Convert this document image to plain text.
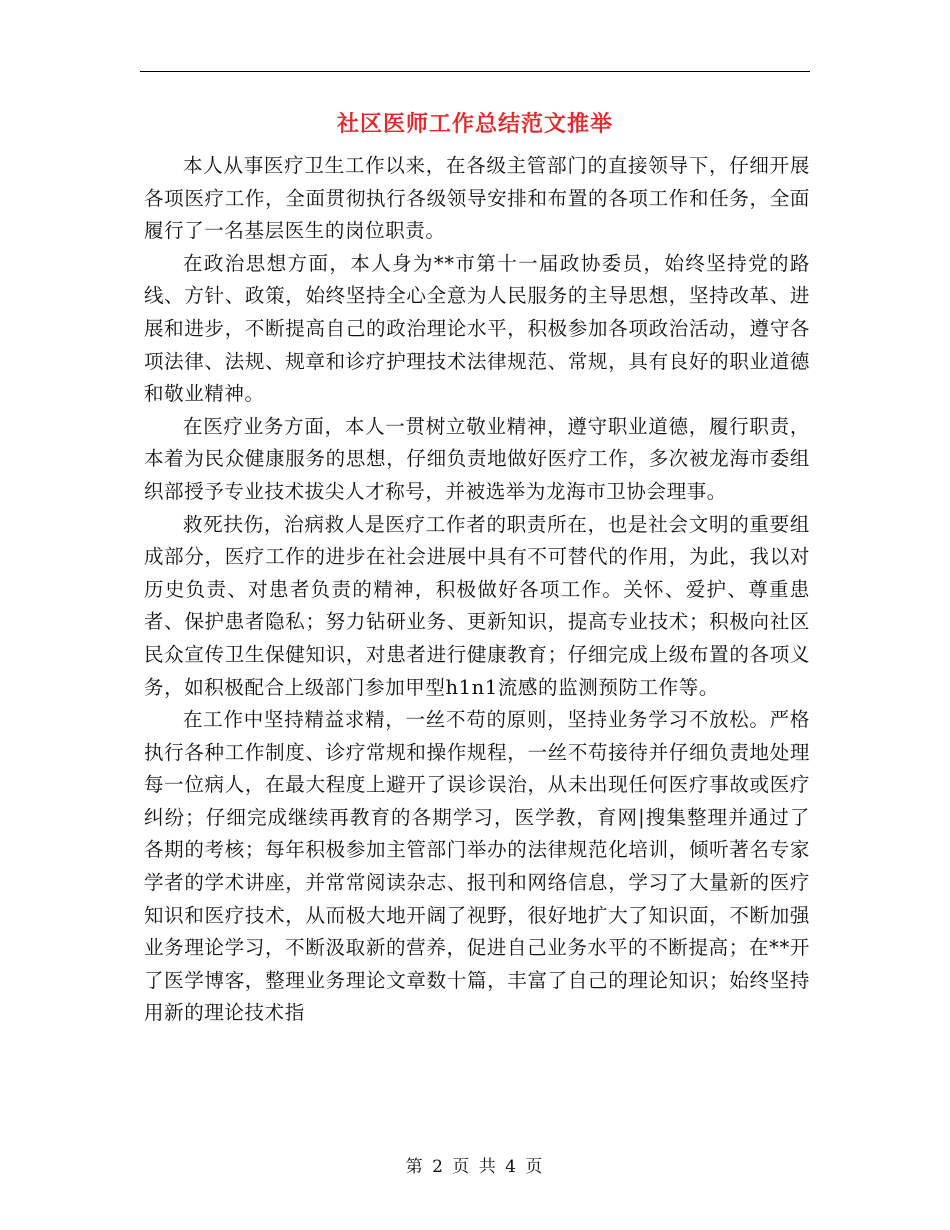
社区医师工作总结范文推举

本人从事医疗卫生工作以来，在各级主管部门的直接领导下，仔细开展各项医疗工作，全面贯彻执行各级领导安排和布置的各项工作和任务，全面履行了一名基层医生的岗位职责。

在政治思想方面，本人身为**市第十一届政协委员，始终坚持党的路线、方针、政策，始终坚持全心全意为人民服务的主导思想，坚持改革、进展和进步，不断提高自己的政治理论水平，积极参加各项政治活动，遵守各项法律、法规、规章和诊疗护理技术法律规范、常规，具有良好的职业道德和敬业精神。

在医疗业务方面，本人一贯树立敬业精神，遵守职业道德，履行职责，本着为民众健康服务的思想，仔细负责地做好医疗工作，多次被龙海市委组织部授予专业技术拔尖人才称号，并被选举为龙海市卫协会理事。

救死扶伤，治病救人是医疗工作者的职责所在，也是社会文明的重要组成部分，医疗工作的进步在社会进展中具有不可替代的作用，为此，我以对历史负责、对患者负责的精神，积极做好各项工作。关怀、爱护、尊重患者、保护患者隐私；努力钻研业务、更新知识，提高专业技术；积极向社区民众宣传卫生保健知识，对患者进行健康教育；仔细完成上级布置的各项义务，如积极配合上级部门参加甲型h1n1流感的监测预防工作等。

在工作中坚持精益求精，一丝不苟的原则，坚持业务学习不放松。严格执行各种工作制度、诊疗常规和操作规程，一丝不苟接待并仔细负责地处理每一位病人，在最大程度上避开了误诊误治，从未出现任何医疗事故或医疗纠纷；仔细完成继续再教育的各期学习，医学教，育网|搜集整理并通过了各期的考核；每年积极参加主管部门举办的法律规范化培训，倾听著名专家学者的学术讲座，并常常阅读杂志、报刊和网络信息，学习了大量新的医疗知识和医疗技术，从而极大地开阔了视野，很好地扩大了知识面，不断加强业务理论学习，不断汲取新的营养，促进自己业务水平的不断提高；在**开了医学博客，整理业务理论文章数十篇，丰富了自己的理论知识；始终坚持用新的理论技术指

第 2 页 共 4 页
